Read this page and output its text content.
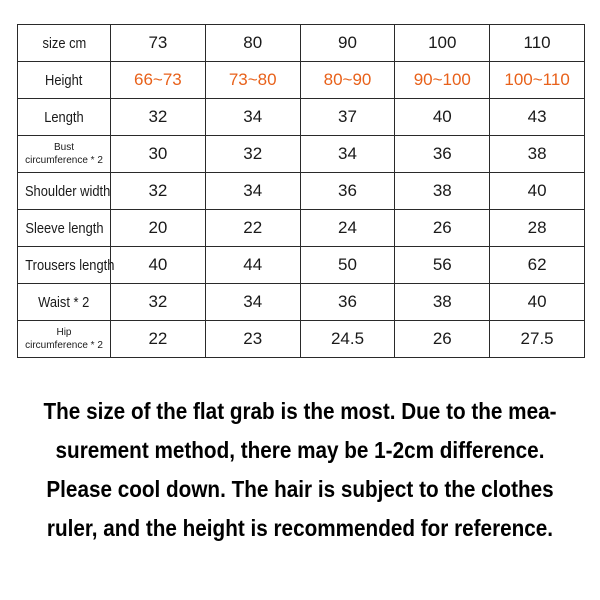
size cm	73	80	90	100	110
Height	66~73	73~80	80~90	90~100	100~110
Length	32	34	37	40	43
Bust
circumference * 2	30	32	34	36	38
Shoulder width	32	34	36	38	40
Sleeve length	20	22	24	26	28
Trousers length	40	44	50	56	62
Waist * 2	32	34	36	38	40
Hip
circumference * 2	22	23	24.5	26	27.5
The size of the flat grab is the most. Due to the mea-
surement method, there may be 1-2cm difference.
Please cool down. The hair is subject to the clothes
ruler, and the height is recommended for reference.
